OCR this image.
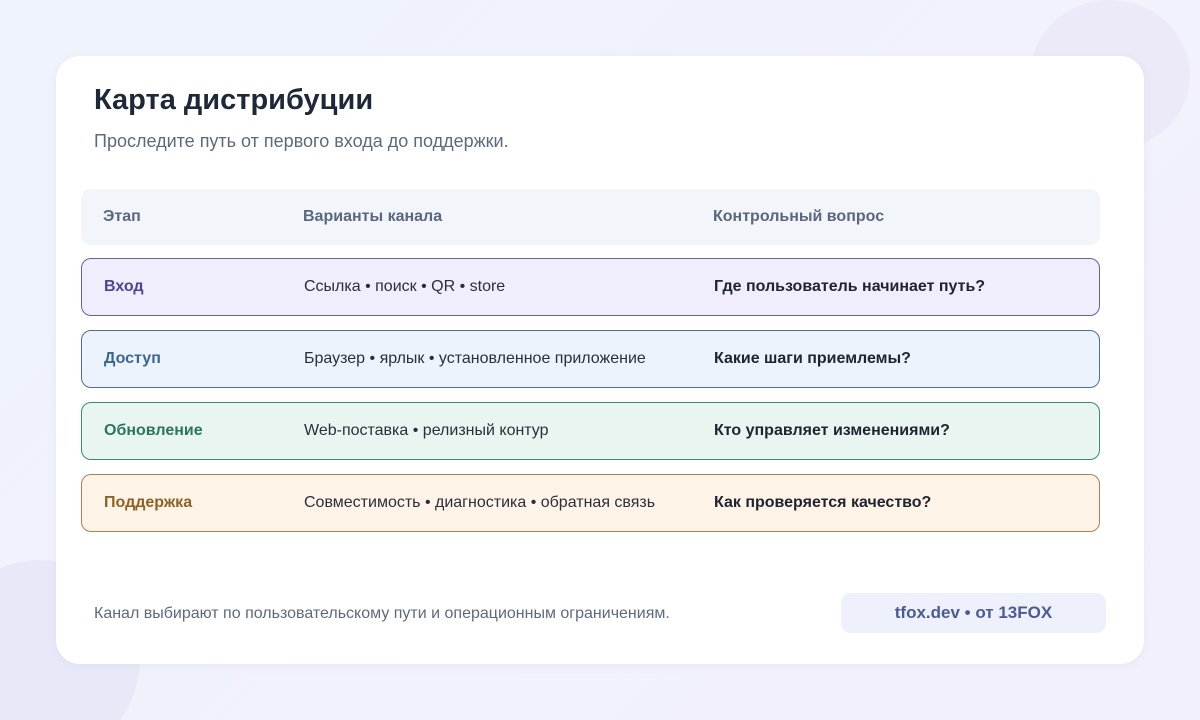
Карта дистрибуции
Проследите путь от первого входа до поддержки.
Этап	Варианты канала	Контрольный вопрос
Вход	Ссылка • поиск • QR • store	Где пользователь начинает путь?
Доступ	Браузер • ярлык • установленное приложение	Какие шаги приемлемы?
Обновление	Web-поставка • релизный контур	Кто управляет изменениями?
Поддержка	Совместимость • диагностика • обратная связь	Как проверяется качество?
Канал выбирают по пользовательскому пути и операционным ограничениям.	tfox.dev • от 13FOX
